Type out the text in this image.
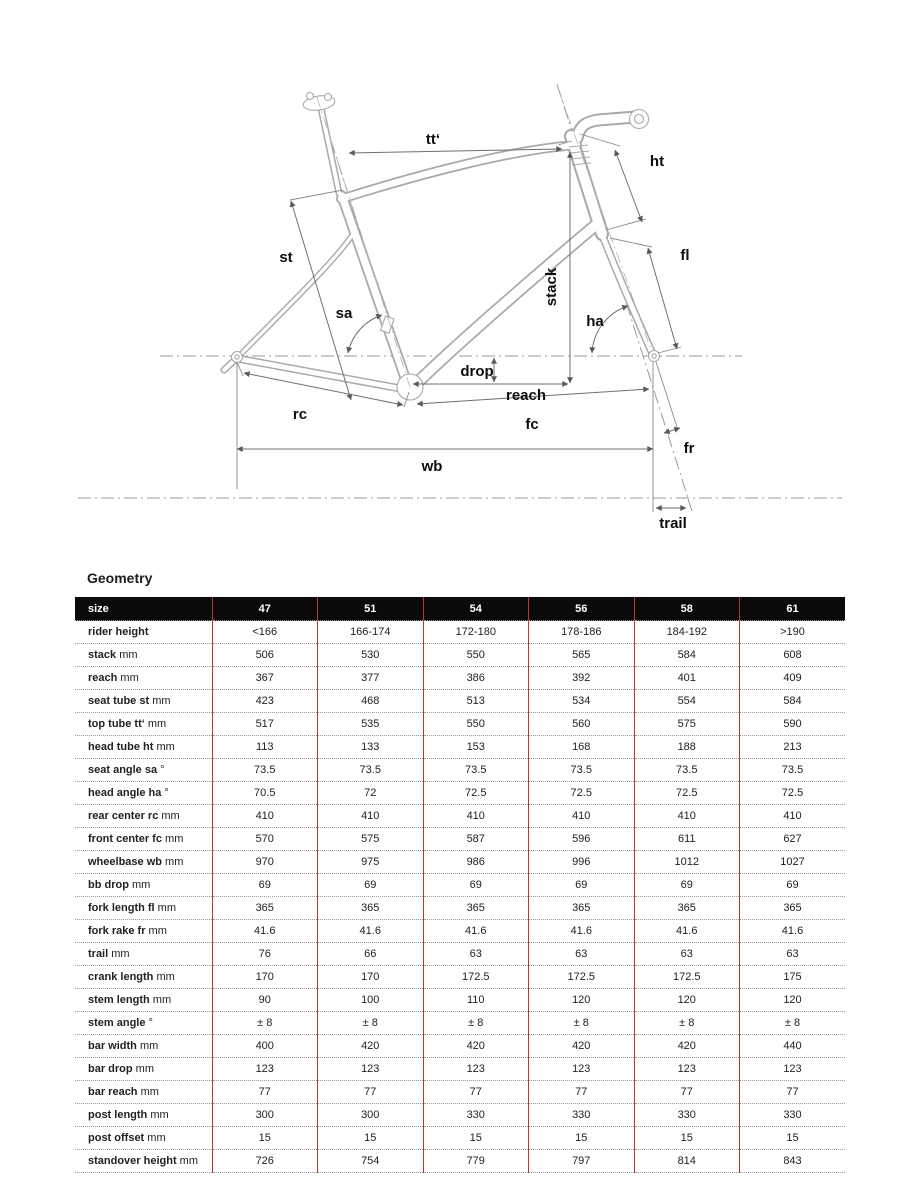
tt‘
ht
st	fl
stack
sa	ha
drop
reach
rc
fc
wb
fr
trail
Geometry
size	47	51	54	56	58	61
rider height	<166	166-174	172-180	178-186	184-192	>190
stack mm	506	530	550	565	584	608
reach mm	367	377	386	392	401	409
seat tube st mm	423	468	513	534	554	584
top tube tt‘ mm	517	535	550	560	575	590
head tube ht mm	113	133	153	168	188	213
seat angle sa °	73.5	73.5	73.5	73.5	73.5	73.5
head angle ha °	70.5	72	72.5	72.5	72.5	72.5
rear center rc mm	410	410	410	410	410	410
front center fc mm	570	575	587	596	611	627
wheelbase wb mm	970	975	986	996	1012	1027
bb drop mm	69	69	69	69	69	69
fork length fl mm	365	365	365	365	365	365
fork rake fr mm	41.6	41.6	41.6	41.6	41.6	41.6
trail mm	76	66	63	63	63	63
crank length mm	170	170	172.5	172.5	172.5	175
stem length mm	90	100	110	120	120	120
stem angle °	± 8	± 8	± 8	± 8	± 8	± 8
bar width mm	400	420	420	420	420	440
bar drop mm	123	123	123	123	123	123
bar reach mm	77	77	77	77	77	77
post length mm	300	300	330	330	330	330
post offset mm	15	15	15	15	15	15
standover height mm	726	754	779	797	814	843
